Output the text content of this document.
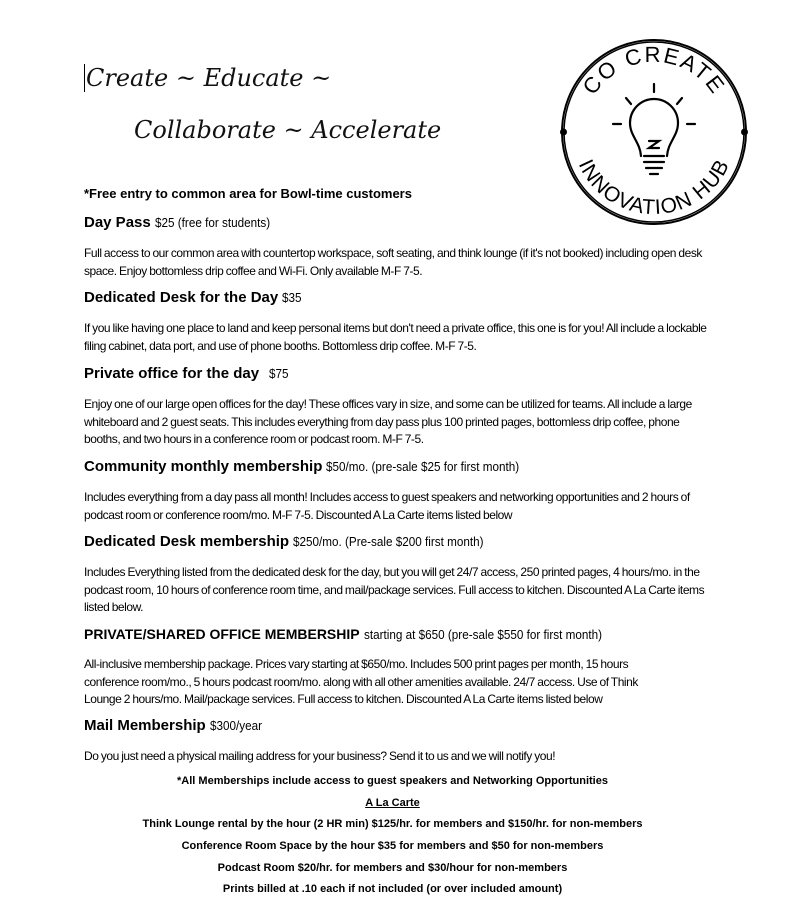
Create ~ Educate ~
Collaborate ~ Accelerate
CO CREATE
INNOVATION HUB
*Free entry to common area for Bowl-time customers
Day Pass $25 (free for students)
Full access to our common area with countertop workspace, soft seating, and think lounge (if it's not booked) including open desk space. Enjoy bottomless drip coffee and Wi-Fi. Only available M-F 7-5.
Dedicated Desk for the Day $35
If you like having one place to land and keep personal items but don't need a private office, this one is for you! All include a lockable filing cabinet, data port, and use of phone booths. Bottomless drip coffee. M-F 7-5.
Private office for the day $75
Enjoy one of our large open offices for the day! These offices vary in size, and some can be utilized for teams. All include a large whiteboard and 2 guest seats. This includes everything from day pass plus 100 printed pages, bottomless drip coffee, phone booths, and two hours in a conference room or podcast room. M-F 7-5.
Community monthly membership $50/mo. (pre-sale $25 for first month)
Includes everything from a day pass all month! Includes access to guest speakers and networking opportunities and 2 hours of podcast room or conference room/mo. M-F 7-5. Discounted A La Carte items listed below
Dedicated Desk membership $250/mo. (Pre-sale $200 first month)
Includes Everything listed from the dedicated desk for the day, but you will get 24/7 access, 250 printed pages, 4 hours/mo. in the podcast room, 10 hours of conference room time, and mail/package services. Full access to kitchen. Discounted A La Carte items listed below.
PRIVATE/SHARED OFFICE MEMBERSHIP starting at $650 (pre-sale $550 for first month)
All-inclusive membership package. Prices vary starting at $650/mo. Includes 500 print pages per month, 15 hours conference room/mo., 5 hours podcast room/mo. along with all other amenities available. 24/7 access. Use of Think Lounge 2 hours/mo. Mail/package services. Full access to kitchen. Discounted A La Carte items listed below
Mail Membership $300/year
Do you just need a physical mailing address for your business? Send it to us and we will notify you!
*All Memberships include access to guest speakers and Networking Opportunities
A La Carte
Think Lounge rental by the hour (2 HR min) $125/hr. for members and $150/hr. for non-members
Conference Room Space by the hour $35 for members and $50 for non-members
Podcast Room $20/hr. for members and $30/hour for non-members
Prints billed at .10 each if not included (or over included amount)
